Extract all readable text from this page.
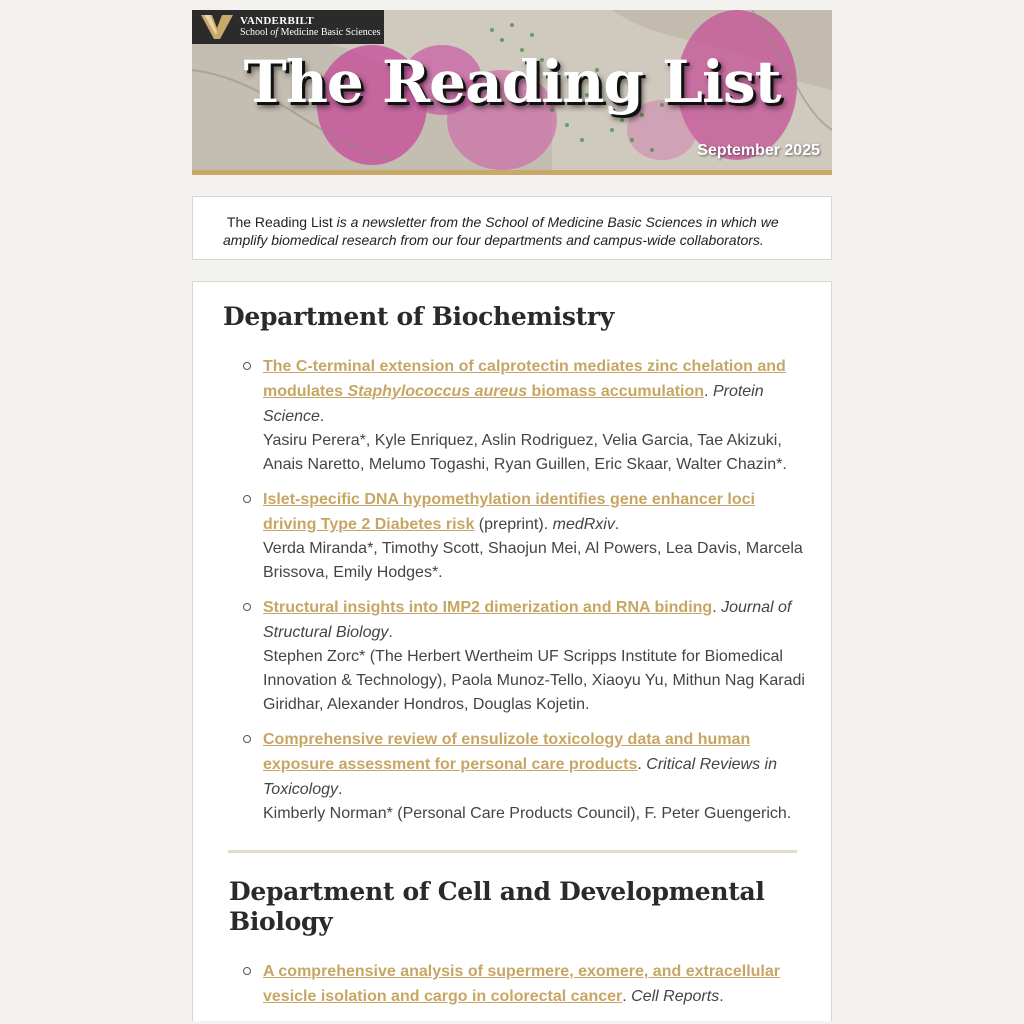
VANDERBILT
School of Medicine Basic Sciences
The Reading List
September 2025

The Reading List is a newsletter from the School of Medicine Basic Sciences in which we amplify biomedical research from our four departments and campus-wide collaborators.

Department of Biochemistry
The C-terminal extension of calprotectin mediates zinc chelation and modulates Staphylococcus aureus biomass accumulation. Protein Science.
Yasiru Perera*, Kyle Enriquez, Aslin Rodriguez, Velia Garcia, Tae Akizuki, Anais Naretto, Melumo Togashi, Ryan Guillen, Eric Skaar, Walter Chazin*.
Islet-specific DNA hypomethylation identifies gene enhancer loci driving Type 2 Diabetes risk (preprint). medRxiv.
Verda Miranda*, Timothy Scott, Shaojun Mei, Al Powers, Lea Davis, Marcela Brissova, Emily Hodges*.
Structural insights into IMP2 dimerization and RNA binding. Journal of Structural Biology.
Stephen Zorc* (The Herbert Wertheim UF Scripps Institute for Biomedical Innovation & Technology), Paola Munoz-Tello, Xiaoyu Yu, Mithun Nag Karadi Giridhar, Alexander Hondros, Douglas Kojetin.
Comprehensive review of ensulizole toxicology data and human exposure assessment for personal care products. Critical Reviews in Toxicology.
Kimberly Norman* (Personal Care Products Council), F. Peter Guengerich.
Department of Cell and Developmental Biology
A comprehensive analysis of supermere, exomere, and extracellular vesicle isolation and cargo in colorectal cancer. Cell Reports.
